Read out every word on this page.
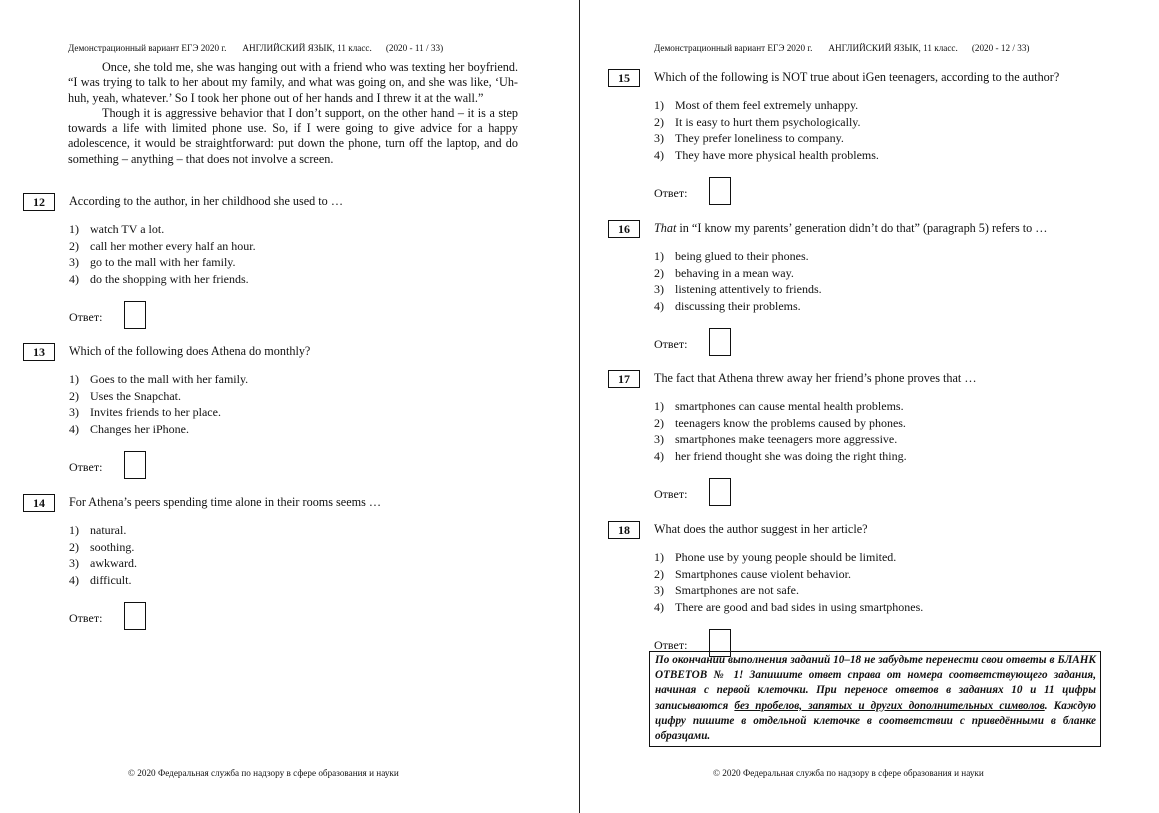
Демонстрационный вариант ЕГЭ 2020 г. АНГЛИЙСКИЙ ЯЗЫК, 11 класс. (2020 - 11 / 33)

Once, she told me, she was hanging out with a friend who was texting her boyfriend. “I was trying to talk to her about my family, and what was going on, and she was like, ‘Uh-huh, yeah, whatever.’ So I took her phone out of her hands and I threw it at the wall.”

Though it is aggressive behavior that I don’t support, on the other hand – it is a step towards a life with limited phone use. So, if I were going to give advice for a happy adolescence, it would be straightforward: put down the phone, turn off the laptop, and do something – anything – that does not involve a screen.

12	According to the author, in her childhood she used to …
1) watch TV a lot.
2) call her mother every half an hour.
3) go to the mall with her family.
4) do the shopping with her friends.
Ответ:
13	Which of the following does Athena do monthly?
1) Goes to the mall with her family.
2) Uses the Snapchat.
3) Invites friends to her place.
4) Changes her iPhone.
Ответ:
14	For Athena’s peers spending time alone in their rooms seems …
1) natural.
2) soothing.
3) awkward.
4) difficult.
Ответ:
© 2020 Федеральная служба по надзору в сфере образования и науки
Демонстрационный вариант ЕГЭ 2020 г. АНГЛИЙСКИЙ ЯЗЫК, 11 класс. (2020 - 12 / 33)
15	Which of the following is NOT true about iGen teenagers, according to the author?
1) Most of them feel extremely unhappy.
2) It is easy to hurt them psychologically.
3) They prefer loneliness to company.
4) They have more physical health problems.
Ответ:
16	That in “I know my parents’ generation didn’t do that” (paragraph 5) refers to …
1) being glued to their phones.
2) behaving in a mean way.
3) listening attentively to friends.
4) discussing their problems.
Ответ:
17	The fact that Athena threw away her friend’s phone proves that …
1) smartphones can cause mental health problems.
2) teenagers know the problems caused by phones.
3) smartphones make teenagers more aggressive.
4) her friend thought she was doing the right thing.
Ответ:
18	What does the author suggest in her article?
1) Phone use by young people should be limited.
2) Smartphones cause violent behavior.
3) Smartphones are not safe.
4) There are good and bad sides in using smartphones.
Ответ:
По окончании выполнения заданий 10–18 не забудьте перенести свои ответы в БЛАНК ОТВЕТОВ № 1! Запишите ответ справа от номера соответствующего задания, начиная с первой клеточки. При переносе ответов в заданиях 10 и 11 цифры записываются без пробелов, запятых и других дополнительных символов. Каждую цифру пишите в отдельной клеточке в соответствии с приведёнными в бланке образцами.
© 2020 Федеральная служба по надзору в сфере образования и науки
